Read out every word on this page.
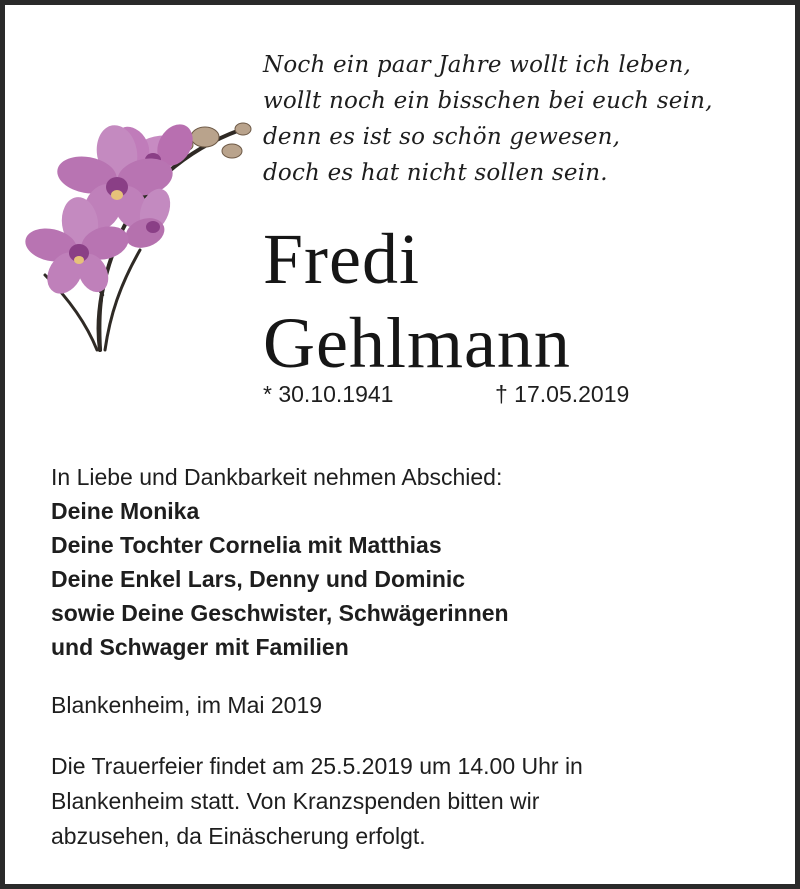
Noch ein paar Jahre wollt ich leben,
wollt noch ein bisschen bei euch sein,
denn es ist so schön gewesen,
doch es hat nicht sollen sein.
Fredi
Gehlmann
* 30.10.1941	† 17.05.2019
In Liebe und Dankbarkeit nehmen Abschied:
Deine Monika
Deine Tochter Cornelia mit Matthias
Deine Enkel Lars, Denny und Dominic
sowie Deine Geschwister, Schwägerinnen
und Schwager mit Familien
Blankenheim, im Mai 2019
Die Trauerfeier findet am 25.5.2019 um 14.00 Uhr in
Blankenheim statt. Von Kranzspenden bitten wir
abzusehen, da Einäscherung erfolgt.
